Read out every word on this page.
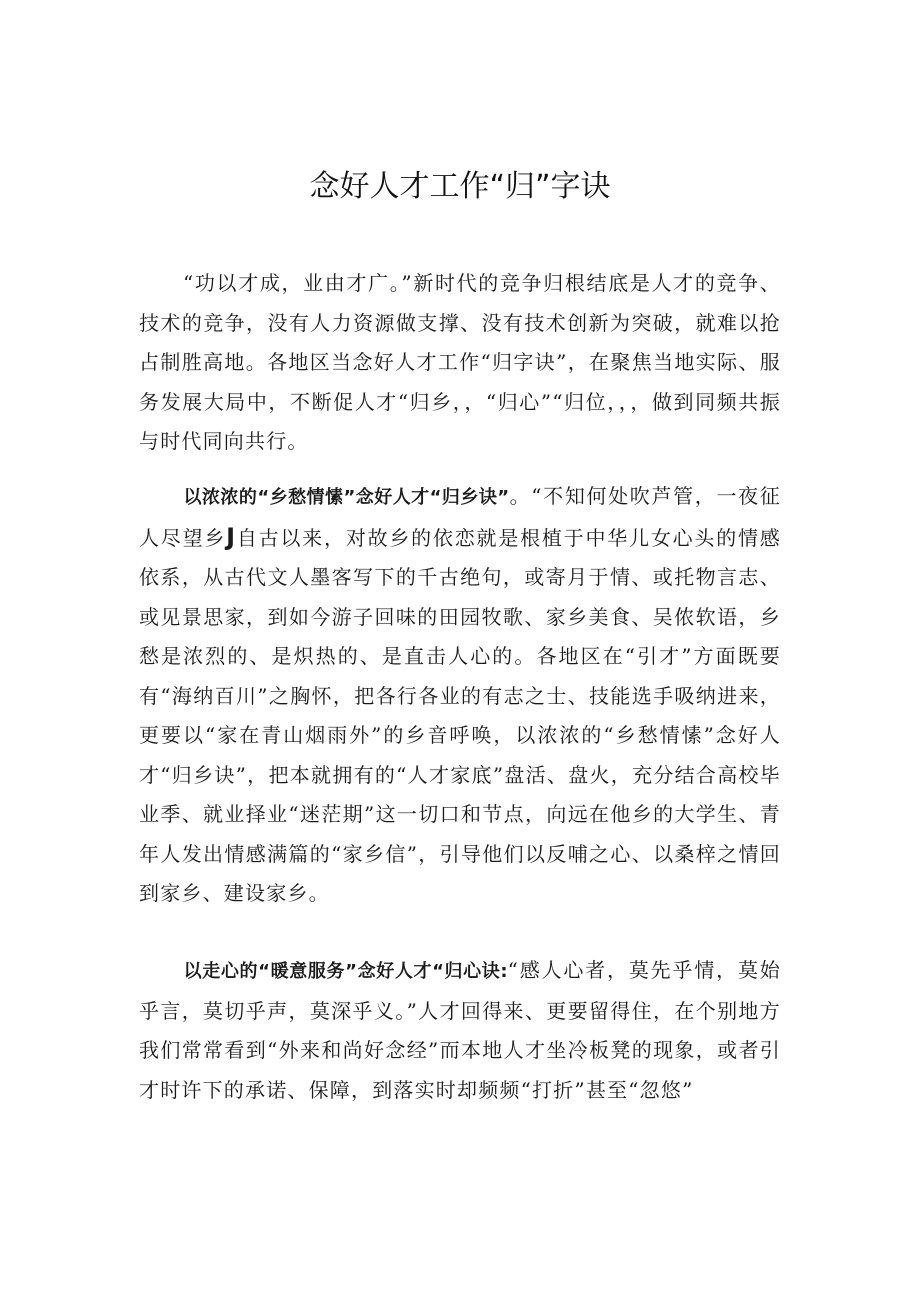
念好人才工作“归”字诀
“功以才成，业由才广。”新时代的竞争归根结底是人才的竞争、技术的竞争，没有人力资源做支撑、没有技术创新为突破，就难以抢占制胜高地。各地区当念好人才工作“归字诀”，在聚焦当地实际、服务发展大局中，不断促人才“归乡，，“归心”“归位，，，做到同频共振与时代同向共行。
以浓浓的“乡愁情愫”念好人才“归乡诀”。“不知何处吹芦管，一夜征人尽望乡J自古以来，对故乡的依恋就是根植于中华儿女心头的情感依系，从古代文人墨客写下的千古绝句，或寄月于情、或托物言志、或见景思家，到如今游子回味的田园牧歌、家乡美食、吴侬软语，乡愁是浓烈的、是炽热的、是直击人心的。各地区在“引才”方面既要有“海纳百川”之胸怀，把各行各业的有志之士、技能选手吸纳进来，更要以“家在青山烟雨外”的乡音呼唤，以浓浓的“乡愁情愫”念好人才“归乡诀”，把本就拥有的“人才家底”盘活、盘火，充分结合高校毕业季、就业择业“迷茫期”这一切口和节点，向远在他乡的大学生、青年人发出情感满篇的“家乡信”，引导他们以反哺之心、以桑梓之情回到家乡、建设家乡。
以走心的“暖意服务”念好人才“归心诀:“感人心者，莫先乎情，莫始乎言，莫切乎声，莫深乎义。”人才回得来、更要留得住，在个别地方我们常常看到“外来和尚好念经”而本地人才坐冷板凳的现象，或者引才时许下的承诺、保障，到落实时却频频“打折”甚至“忽悠”
